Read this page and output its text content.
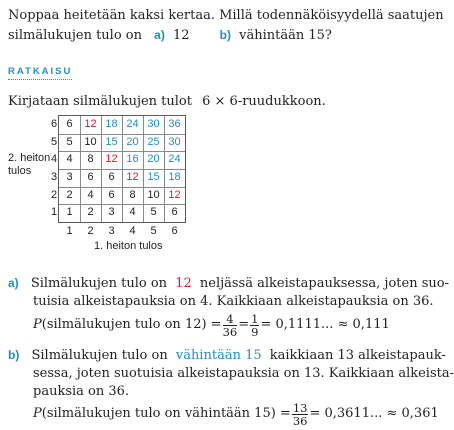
Noppaa heitetään kaksi kertaa. Millä todennäköisyydellä saatujen
silmälukujen tulo on a) 12	b) vähintään 15?
RATKAISU
Kirjataan silmälukujen tulot 6 × 6-ruudukkoon.
2. heiton
tulos
6
5
4
3
2
1
6	12 18 24 30 36
5	10 15 20 25 30
4	8	12 16 20 24
3	6	6	12 15 18
2	4	6	8	10 12
1	2	3	4	5	6
1	2	3	4	5	6
1. heiton tulos
a) Silmälukujen tulo on 12 neljässä alkeistapauksessa, joten suo-
tuisia alkeistapauksia on 4. Kaikkiaan alkeistapauksia on 36.
P (silmälukujen tulo on $12) = \frac{4}{36} = \frac{1}{9} = 0,1111$... ≈ 0,111
b) Silmälukujen tulo on vähintään 15 kaikkiaan 13 alkeistapauk-
sessa, joten suotuisia alkeistapauksia on 13. Kaikkiaan alkeista-
pauksia on 36.
P (silmälukujen tulo on vähintään $15) = \frac{13}{36} = 0,3611$... ≈ 0,361
